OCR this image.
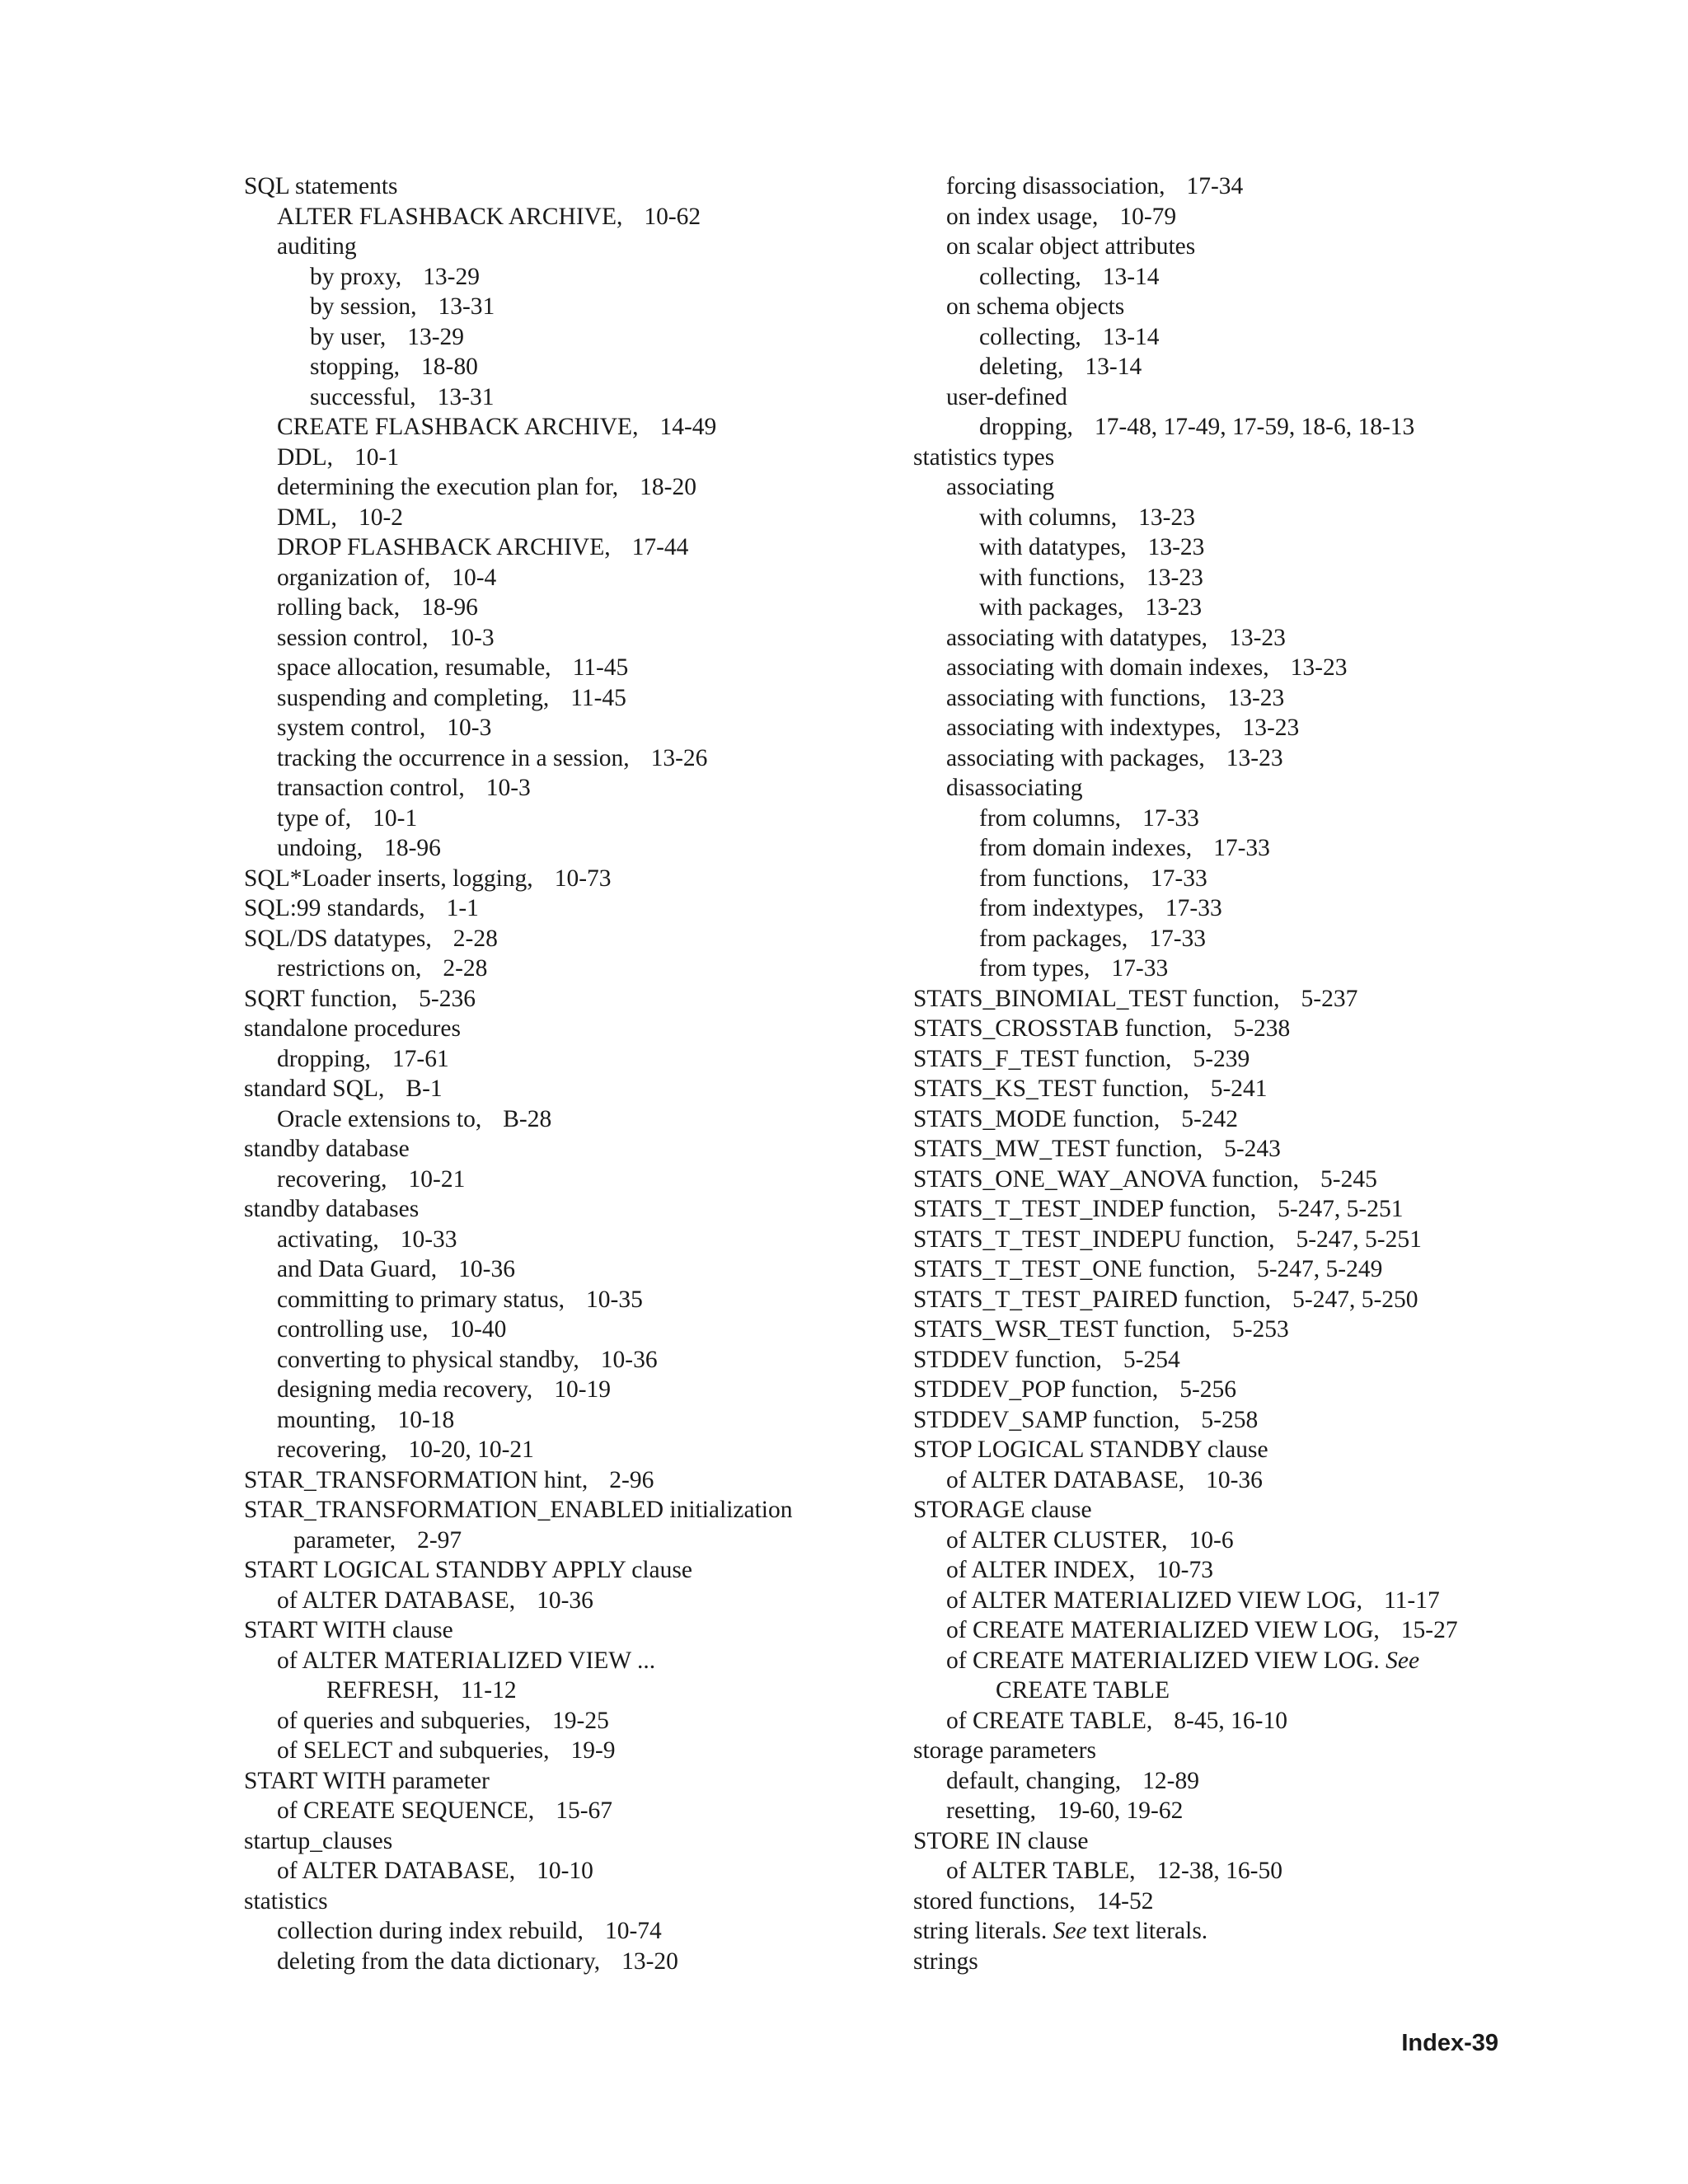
SQL statements
ALTER FLASHBACK ARCHIVE, 10-62
auditing
by proxy, 13-29
by session, 13-31
by user, 13-29
stopping, 18-80
successful, 13-31
CREATE FLASHBACK ARCHIVE, 14-49
DDL, 10-1
determining the execution plan for, 18-20
DML, 10-2
DROP FLASHBACK ARCHIVE, 17-44
organization of, 10-4
rolling back, 18-96
session control, 10-3
space allocation, resumable, 11-45
suspending and completing, 11-45
system control, 10-3
tracking the occurrence in a session, 13-26
transaction control, 10-3
type of, 10-1
undoing, 18-96
SQL*Loader inserts, logging, 10-73
SQL:99 standards, 1-1
SQL/DS datatypes, 2-28
restrictions on, 2-28
SQRT function, 5-236
standalone procedures
dropping, 17-61
standard SQL, B-1
Oracle extensions to, B-28
standby database
recovering, 10-21
standby databases
activating, 10-33
and Data Guard, 10-36
committing to primary status, 10-35
controlling use, 10-40
converting to physical standby, 10-36
designing media recovery, 10-19
mounting, 10-18
recovering, 10-20, 10-21
STAR_TRANSFORMATION hint, 2-96
STAR_TRANSFORMATION_ENABLED initialization
parameter, 2-97
START LOGICAL STANDBY APPLY clause
of ALTER DATABASE, 10-36
START WITH clause
of ALTER MATERIALIZED VIEW ...
REFRESH, 11-12
of queries and subqueries, 19-25
of SELECT and subqueries, 19-9
START WITH parameter
of CREATE SEQUENCE, 15-67
startup_clauses
of ALTER DATABASE, 10-10
statistics
collection during index rebuild, 10-74
deleting from the data dictionary, 13-20
forcing disassociation, 17-34
on index usage, 10-79
on scalar object attributes
collecting, 13-14
on schema objects
collecting, 13-14
deleting, 13-14
user-defined
dropping, 17-48, 17-49, 17-59, 18-6, 18-13
statistics types
associating
with columns, 13-23
with datatypes, 13-23
with functions, 13-23
with packages, 13-23
associating with datatypes, 13-23
associating with domain indexes, 13-23
associating with functions, 13-23
associating with indextypes, 13-23
associating with packages, 13-23
disassociating
from columns, 17-33
from domain indexes, 17-33
from functions, 17-33
from indextypes, 17-33
from packages, 17-33
from types, 17-33
STATS_BINOMIAL_TEST function, 5-237
STATS_CROSSTAB function, 5-238
STATS_F_TEST function, 5-239
STATS_KS_TEST function, 5-241
STATS_MODE function, 5-242
STATS_MW_TEST function, 5-243
STATS_ONE_WAY_ANOVA function, 5-245
STATS_T_TEST_INDEP function, 5-247, 5-251
STATS_T_TEST_INDEPU function, 5-247, 5-251
STATS_T_TEST_ONE function, 5-247, 5-249
STATS_T_TEST_PAIRED function, 5-247, 5-250
STATS_WSR_TEST function, 5-253
STDDEV function, 5-254
STDDEV_POP function, 5-256
STDDEV_SAMP function, 5-258
STOP LOGICAL STANDBY clause
of ALTER DATABASE, 10-36
STORAGE clause
of ALTER CLUSTER, 10-6
of ALTER INDEX, 10-73
of ALTER MATERIALIZED VIEW LOG, 11-17
of CREATE MATERIALIZED VIEW LOG, 15-27
of CREATE MATERIALIZED VIEW LOG. See
CREATE TABLE
of CREATE TABLE, 8-45, 16-10
storage parameters
default, changing, 12-89
resetting, 19-60, 19-62
STORE IN clause
of ALTER TABLE, 12-38, 16-50
stored functions, 14-52
string literals. See text literals.
strings
Index-39
